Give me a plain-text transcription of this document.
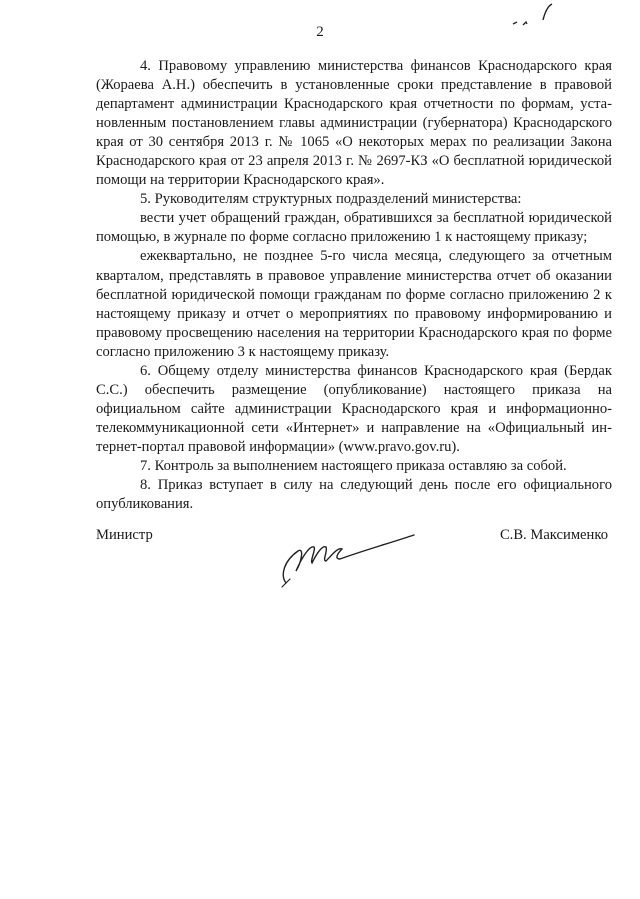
2

4. Правовому управлению министерства финансов Краснодарского края (Жораева А.Н.) обеспечить в установленные сроки представление в правовой департамент администрации Краснодарского края отчетности по формам, установленным постановлением главы администрации (губернатора) Краснодарского края от 30 сентября 2013 г. № 1065 «О некоторых мерах по реализации Закона Краснодарского края от 23 апреля 2013 г. № 2697-КЗ «О бесплатной юридической помощи на территории Краснодарского края».

5. Руководителям структурных подразделений министерства:

вести учет обращений граждан, обратившихся за бесплатной юридической помощью, в журнале по форме согласно приложению 1 к настоящему приказу;

ежеквартально, не позднее 5-го числа месяца, следующего за отчетным кварталом, представлять в правовое управление министерства отчет об оказании бесплатной юридической помощи гражданам по форме согласно приложению 2 к настоящему приказу и отчет о мероприятиях по правовому информированию и правовому просвещению населения на территории Краснодарского края по форме согласно приложению 3 к настоящему приказу.

6. Общему отделу министерства финансов Краснодарского края (Бердак С.С.) обеспечить размещение (опубликование) настоящего приказа на официальном сайте администрации Краснодарского края и информационнотелекоммуникационной сети «Интернет» и направление на «Официальный интернет-портал правовой информации» (www.pravo.gov.ru).

7. Контроль за выполнением настоящего приказа оставляю за собой.

8. Приказ вступает в силу на следующий день после его официального опубликования.

Министр	С.В. Максименко
